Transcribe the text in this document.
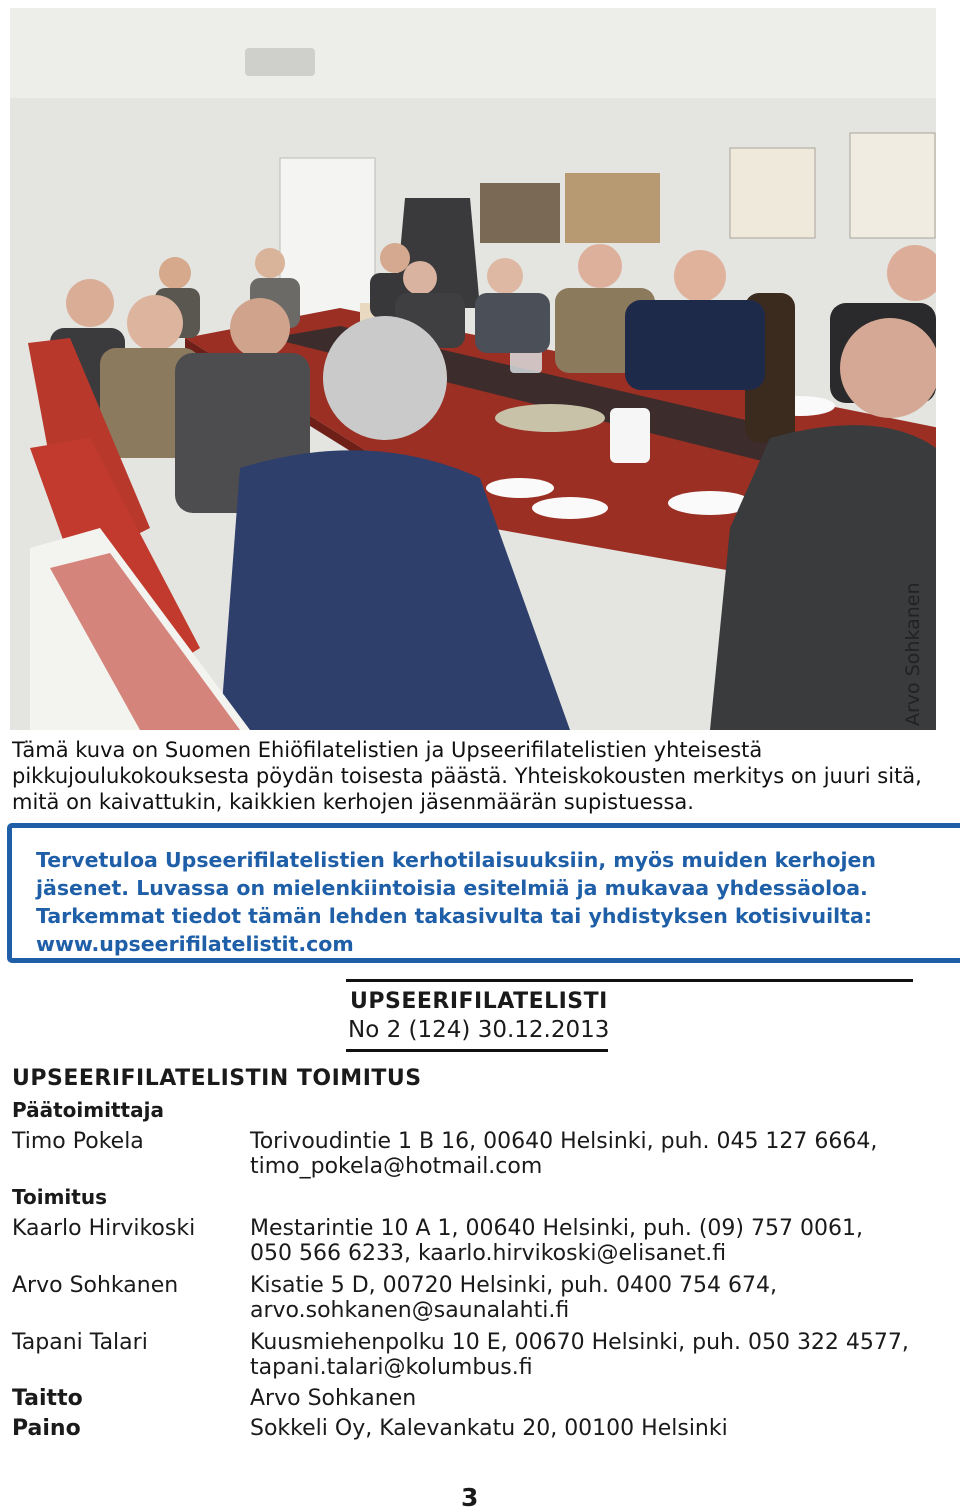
Arvo Sohkanen

Tämä kuva on Suomen Ehiöfilatelistien ja Upseerifilatelistien yhteisestä pikkujoulukokouksesta pöydän toisesta päästä. Yhteiskokousten merkitys on juuri sitä, mitä on kaivattukin, kaikkien kerhojen jäsenmäärän supistuessa.

Tervetuloa Upseerifilatelistien kerhotilaisuuksiin, myös muiden kerhojen jäsenet. Luvassa on mielenkiintoisia esitelmiä ja mukavaa yhdessäoloa. Tarkemmat tiedot tämän lehden takasivulta tai yhdistyksen kotisivuilta: www.upseerifilatelistit.com
UPSEERIFILATELISTI
No 2 (124) 30.12.2013
UPSEERIFILATELISTIN TOIMITUS
Päätoimittaja
Timo Pokela	Torivoudintie 1 B 16, 00640 Helsinki, puh. 045 127 6664,
timo_pokela@hotmail.com
Toimitus
Kaarlo Hirvikoski	Mestarintie 10 A 1, 00640 Helsinki, puh. (09) 757 0061,
050 566 6233, kaarlo.hirvikoski@elisanet.fi
Arvo Sohkanen	Kisatie 5 D, 00720 Helsinki, puh. 0400 754 674,
arvo.sohkanen@saunalahti.fi
Tapani Talari	Kuusmiehenpolku 10 E, 00670 Helsinki, puh. 050 322 4577,
tapani.talari@kolumbus.fi
Taitto	Arvo Sohkanen
Paino	Sokkeli Oy, Kalevankatu 20, 00100 Helsinki
3
